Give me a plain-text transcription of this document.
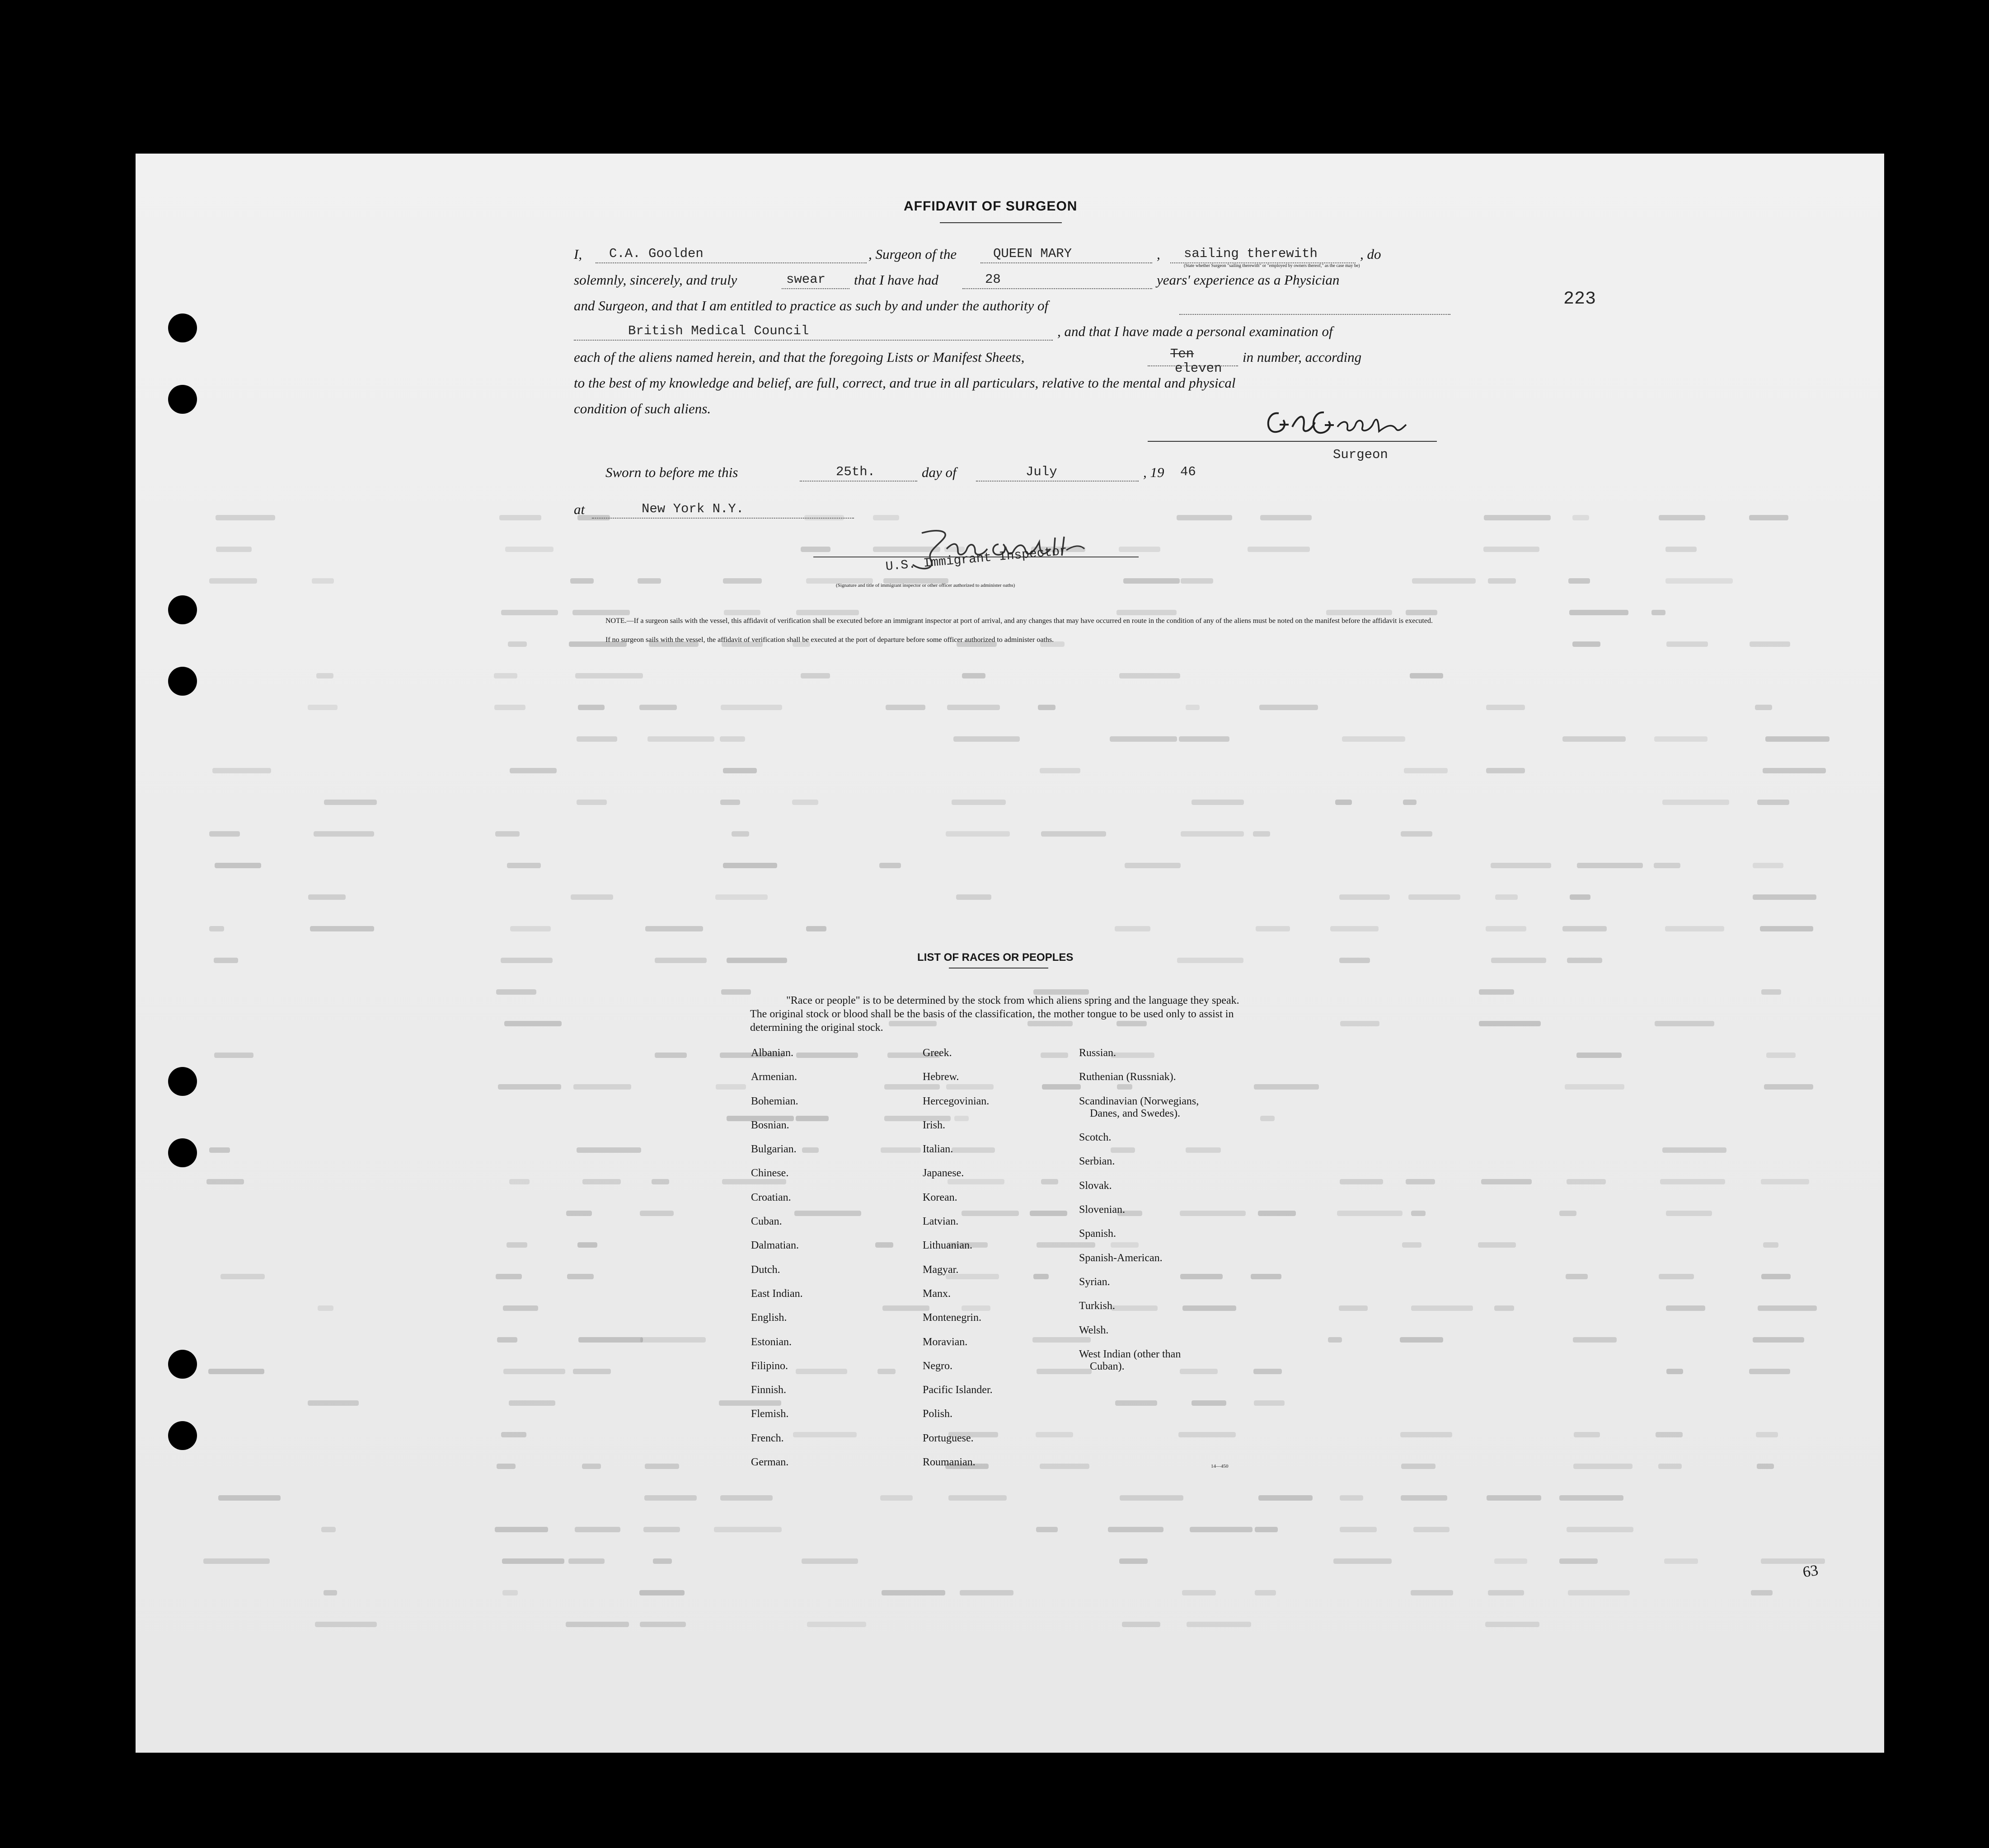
223
AFFIDAVIT OF SURGEON
I, C.A. Goolden	, Surgeon of the	QUEEN MARY	, sailing therewith	, do
(State whether Surgeon "sailing therewith" or "employed by owners thereof," as the case may be)
solemnly, sincerely, and truly	swear that I have had	28	years' experience as a Physician
and Surgeon, and that I am entitled to practice as such by and under the authority of
British Medical Council	, and that I have made a personal examination of
each of the aliens named herein, and that the foregoing Lists or Manifest Sheets,	Ten
eleven
in number, according
to the best of my knowledge and belief, are full, correct, and true in all particulars, relative to the mental and physical
condition of such aliens.
Surgeon
Sworn to before me this	25th.	day of	July	, 19 46
at	New York N.Y.
U.S. Immigrant Inspector
(Signature and title of immigrant inspector or other officer authorized to administer oaths)
NOTE.—If a surgeon sails with the vessel, this affidavit of verification shall be executed before an immigrant inspector at port of arrival, and any changes that may have occurred en route in the condition of any of the aliens must be noted on the manifest before the affidavit is executed.
If no surgeon sails with the vessel, the affidavit of verification shall be executed at the port of departure before some officer authorized to administer oaths.
LIST OF RACES OR PEOPLES
"Race or people" is to be determined by the stock from which aliens spring and the language they speak. The original stock or blood shall be the basis of the classification, the mother tongue to be used only to assist in determining the original stock.
Albanian.
Armenian.
Bohemian.
Bosnian.
Bulgarian.
Chinese.
Croatian.
Cuban.
Dalmatian.
Dutch.
East Indian.
English.
Estonian.
Filipino.
Finnish.
Flemish.
French.
German.
Greek.
Hebrew.
Hercegovinian.
Irish.
Italian.
Japanese.
Korean.
Latvian.
Lithuanian.
Magyar.
Manx.
Montenegrin.
Moravian.
Negro.
Pacific Islander.
Polish.
Portuguese.
Roumanian.
Russian.
Ruthenian (Russniak).
Scandinavian (Norwegians,
Danes, and Swedes).
Scotch.
Serbian.
Slovak.
Slovenian.
Spanish.
Spanish-American.
Syrian.
Turkish.
Welsh.
West Indian (other than
Cuban).
14—450
63
